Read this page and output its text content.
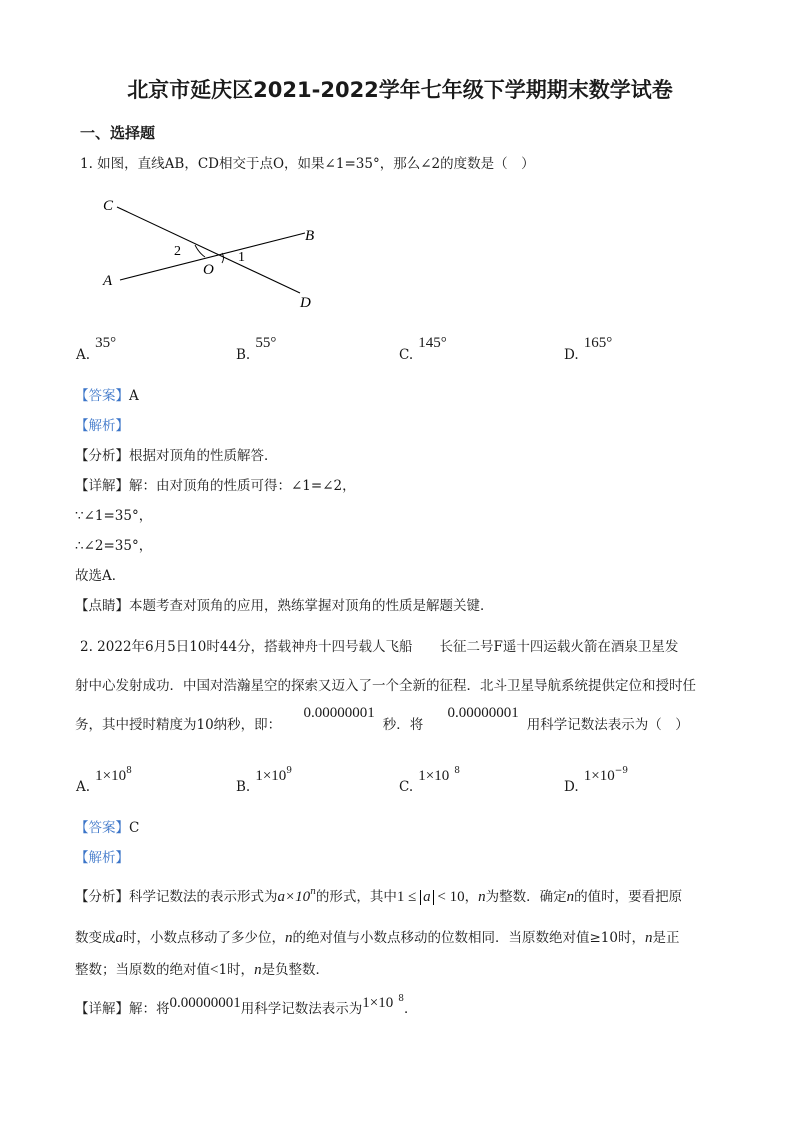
北京市延庆区2021-2022学年七年级下学期期末数学试卷
一、选择题
1. 如图，直线AB，CD相交于点O，如果∠1=35°，那么∠2的度数是（　）
C
B
A
D
O
1
2
$_{A.}$ 35°
$_{B.}$ 55°
$_{C.}$ 145°
$_{D.}$ 165°
【答案】A
【解析】
【分析】根据对顶角的性质解答．
【详解】解：由对顶角的性质可得：∠1=∠2，
∵∠1=35°，
∴∠2=35°，
故选A．
【点睛】本题考查对顶角的应用，熟练掌握对顶角的性质是解题关键．
2. 2022年6月5日10时44分，搭载神舟十四号载人飞船　　长征二号F遥十四运载火箭在酒泉卫星发
射中心发射成功．中国对浩瀚星空的探索又迈入了一个全新的征程．北斗卫星导航系统提供定位和授时任
务，其中授时精度为10纳秒，即： 0.00000001秒．将 0.00000001用科学记数法表示为（　）
$_{A.}$ $1\times 10^8$
$_{B.}$ $1\times 10^9$
$_{C.}$ 1×10 $^8$
$_{D.}$ $1\times 10^{-9}$
【答案】C
【解析】
【分析】科学记数法的表示形式为$a\times 10^n$的形式，其中1 ≤ a < 10，n为整数．确定n的值时，要看把原
数变成a时，小数点移动了多少位，n的绝对值与小数点移动的位数相同．当原数绝对值≥10时，n是正
整数；当原数的绝对值<1时，n是负整数．
【详解】解：将0.00000001用科学记数法表示为1×10 $^8$．
